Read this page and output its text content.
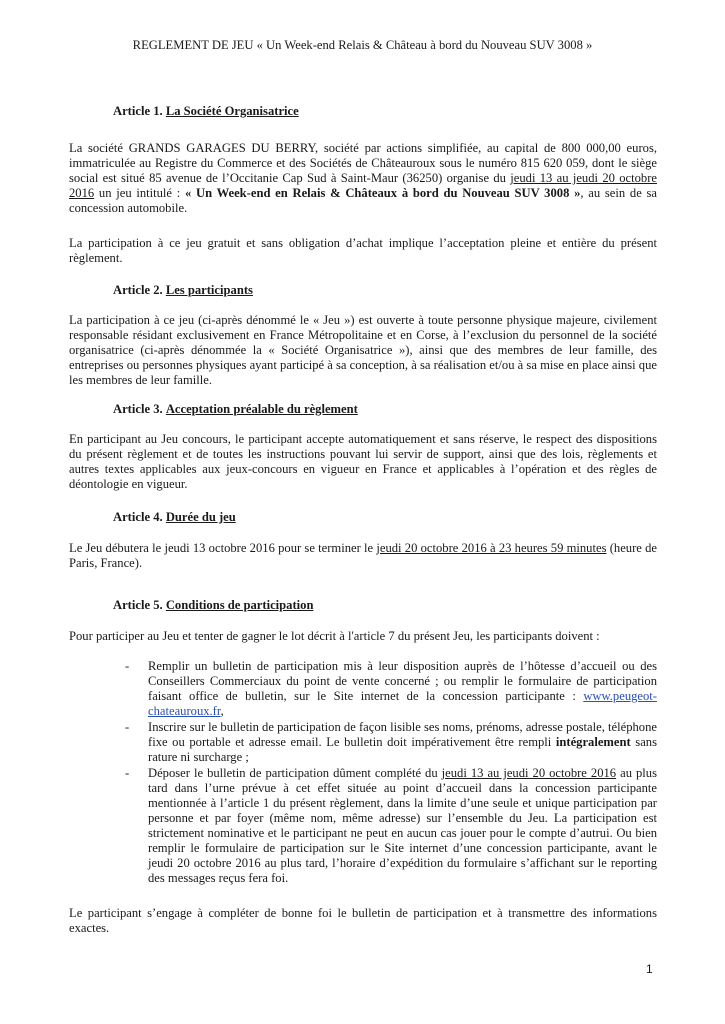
REGLEMENT DE JEU « Un Week-end Relais & Château à bord du Nouveau SUV 3008 »
Article 1. La Société Organisatrice

La société GRANDS GARAGES DU BERRY, société par actions simplifiée, au capital de 800 000,00 euros, immatriculée au Registre du Commerce et des Sociétés de Châteauroux sous le numéro 815 620 059, dont le siège social est situé 85 avenue de l’Occitanie Cap Sud à Saint-Maur (36250) organise du jeudi 13 au jeudi 20 octobre 2016 un jeu intitulé : « Un Week-end en Relais & Châteaux à bord du Nouveau SUV 3008 », au sein de sa concession automobile.

La participation à ce jeu gratuit et sans obligation d’achat implique l’acceptation pleine et entière du présent règlement.

Article 2. Les participants

La participation à ce jeu (ci-après dénommé le « Jeu ») est ouverte à toute personne physique majeure, civilement responsable résidant exclusivement en France Métropolitaine et en Corse, à l’exclusion du personnel de la société organisatrice (ci-après dénommée la « Société Organisatrice »), ainsi que des membres de leur famille, des entreprises ou personnes physiques ayant participé à sa conception, à sa réalisation et/ou à sa mise en place ainsi que les membres de leur famille.

Article 3. Acceptation préalable du règlement

En participant au Jeu concours, le participant accepte automatiquement et sans réserve, le respect des dispositions du présent règlement et de toutes les instructions pouvant lui servir de support, ainsi que des lois, règlements et autres textes applicables aux jeux-concours en vigueur en France et applicables à l’opération et des règles de déontologie en vigueur.

Article 4. Durée du jeu

Le Jeu débutera le jeudi 13 octobre 2016 pour se terminer le jeudi 20 octobre 2016 à 23 heures 59 minutes (heure de Paris, France).

Article 5. Conditions de participation

Pour participer au Jeu et tenter de gagner le lot décrit à l'article 7 du présent Jeu, les participants doivent :

- Remplir un bulletin de participation mis à leur disposition auprès de l’hôtesse d’accueil ou des Conseillers Commerciaux du point de vente concerné ; ou remplir le formulaire de participation faisant office de bulletin, sur le Site internet de la concession participante : www.peugeot-chateauroux.fr,

- Inscrire sur le bulletin de participation de façon lisible ses noms, prénoms, adresse postale, téléphone fixe ou portable et adresse email. Le bulletin doit impérativement être rempli intégralement sans rature ni surcharge ;

- Déposer le bulletin de participation dûment complété du jeudi 13 au jeudi 20 octobre 2016 au plus tard dans l’urne prévue à cet effet située au point d’accueil dans la concession participante mentionnée à l’article 1 du présent règlement, dans la limite d’une seule et unique participation par personne et par foyer (même nom, même adresse) sur l’ensemble du Jeu. La participation est strictement nominative et le participant ne peut en aucun cas jouer pour le compte d’autrui. Ou bien remplir le formulaire de participation sur le Site internet d’une concession participante, avant le jeudi 20 octobre 2016 au plus tard, l’horaire d’expédition du formulaire s’affichant sur le reporting des messages reçus fera foi.

Le participant s’engage à compléter de bonne foi le bulletin de participation et à transmettre des informations exactes.

1
